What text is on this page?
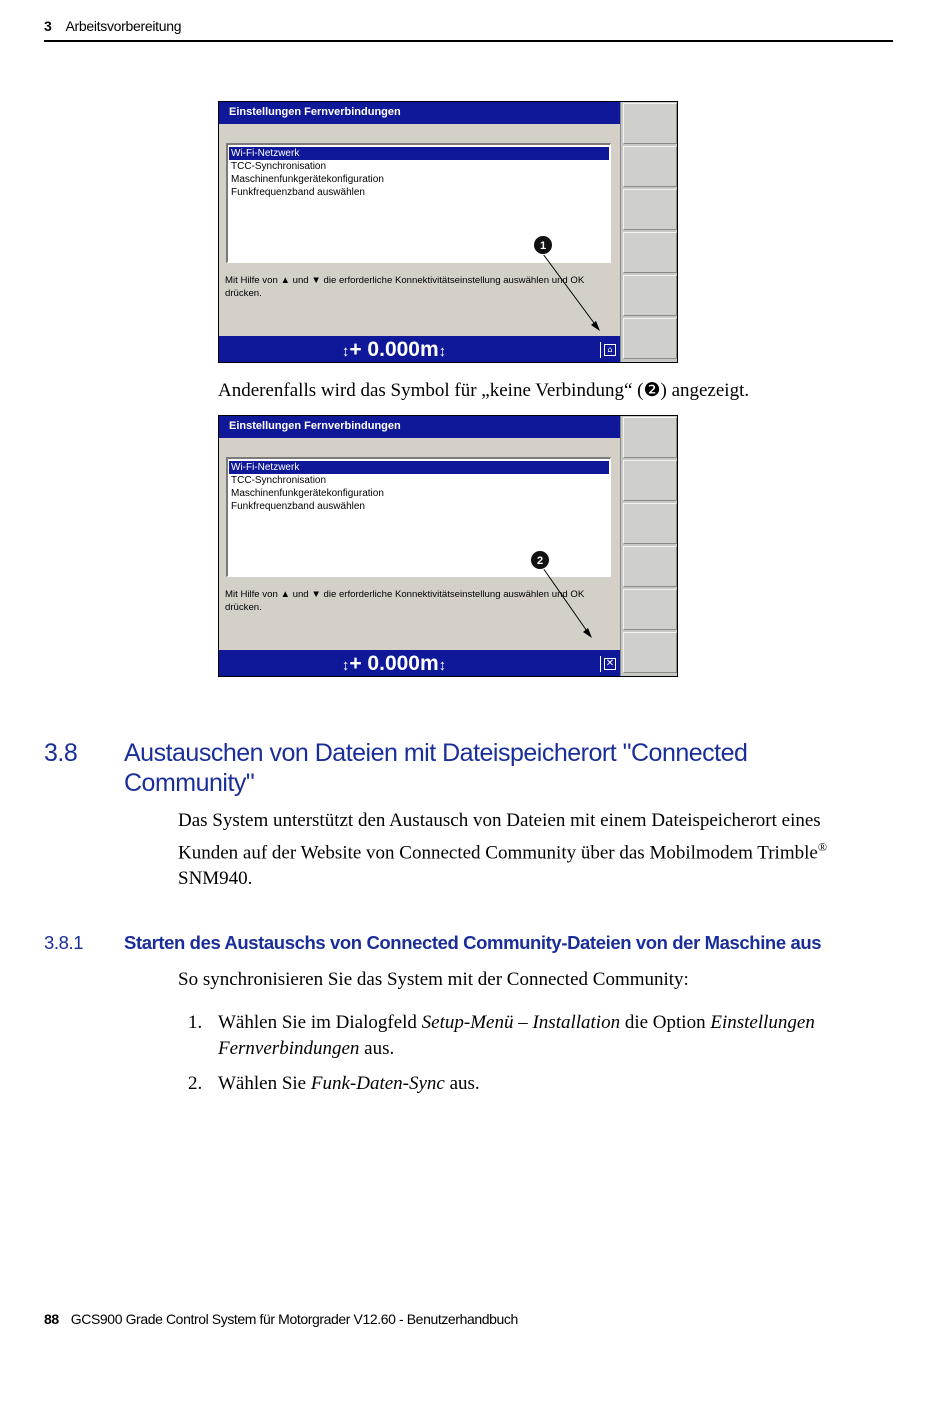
3 Arbeitsvorbereitung
Einstellungen Fernverbindungen
Wi-Fi-Netzwerk
TCC-Synchronisation
Maschinenfunkgerätekonfiguration
Funkfrequenzband auswählen
Mit Hilfe von ▲ und ▼ die erforderliche Konnektivitätseinstellung auswählen und OK
drücken.
↕+ 0.000m↕	⌂
1
Anderenfalls wird das Symbol für „keine Verbindung“ (❷) angezeigt.
Einstellungen Fernverbindungen
Wi-Fi-Netzwerk
TCC-Synchronisation
Maschinenfunkgerätekonfiguration
Funkfrequenzband auswählen
Mit Hilfe von ▲ und ▼ die erforderliche Konnektivitätseinstellung auswählen und OK
drücken.
↕+ 0.000m↕	✕
2
3.8 Austauschen von Dateien mit Dateispeicherort "Connected Community"
Das System unterstützt den Austausch von Dateien mit einem Dateispeicherort eines Kunden auf der Website von Connected Community über das Mobilmodem Trimble® SNM940.
3.8.1 Starten des Austauschs von Connected Community-Dateien von der Maschine aus
So synchronisieren Sie das System mit der Connected Community:
1. Wählen Sie im Dialogfeld Setup-Menü – Installation die Option Einstellungen Fernverbindungen aus.
2. Wählen Sie Funk-Daten-Sync aus.
88 GCS900 Grade Control System für Motorgrader V12.60 - Benutzerhandbuch
